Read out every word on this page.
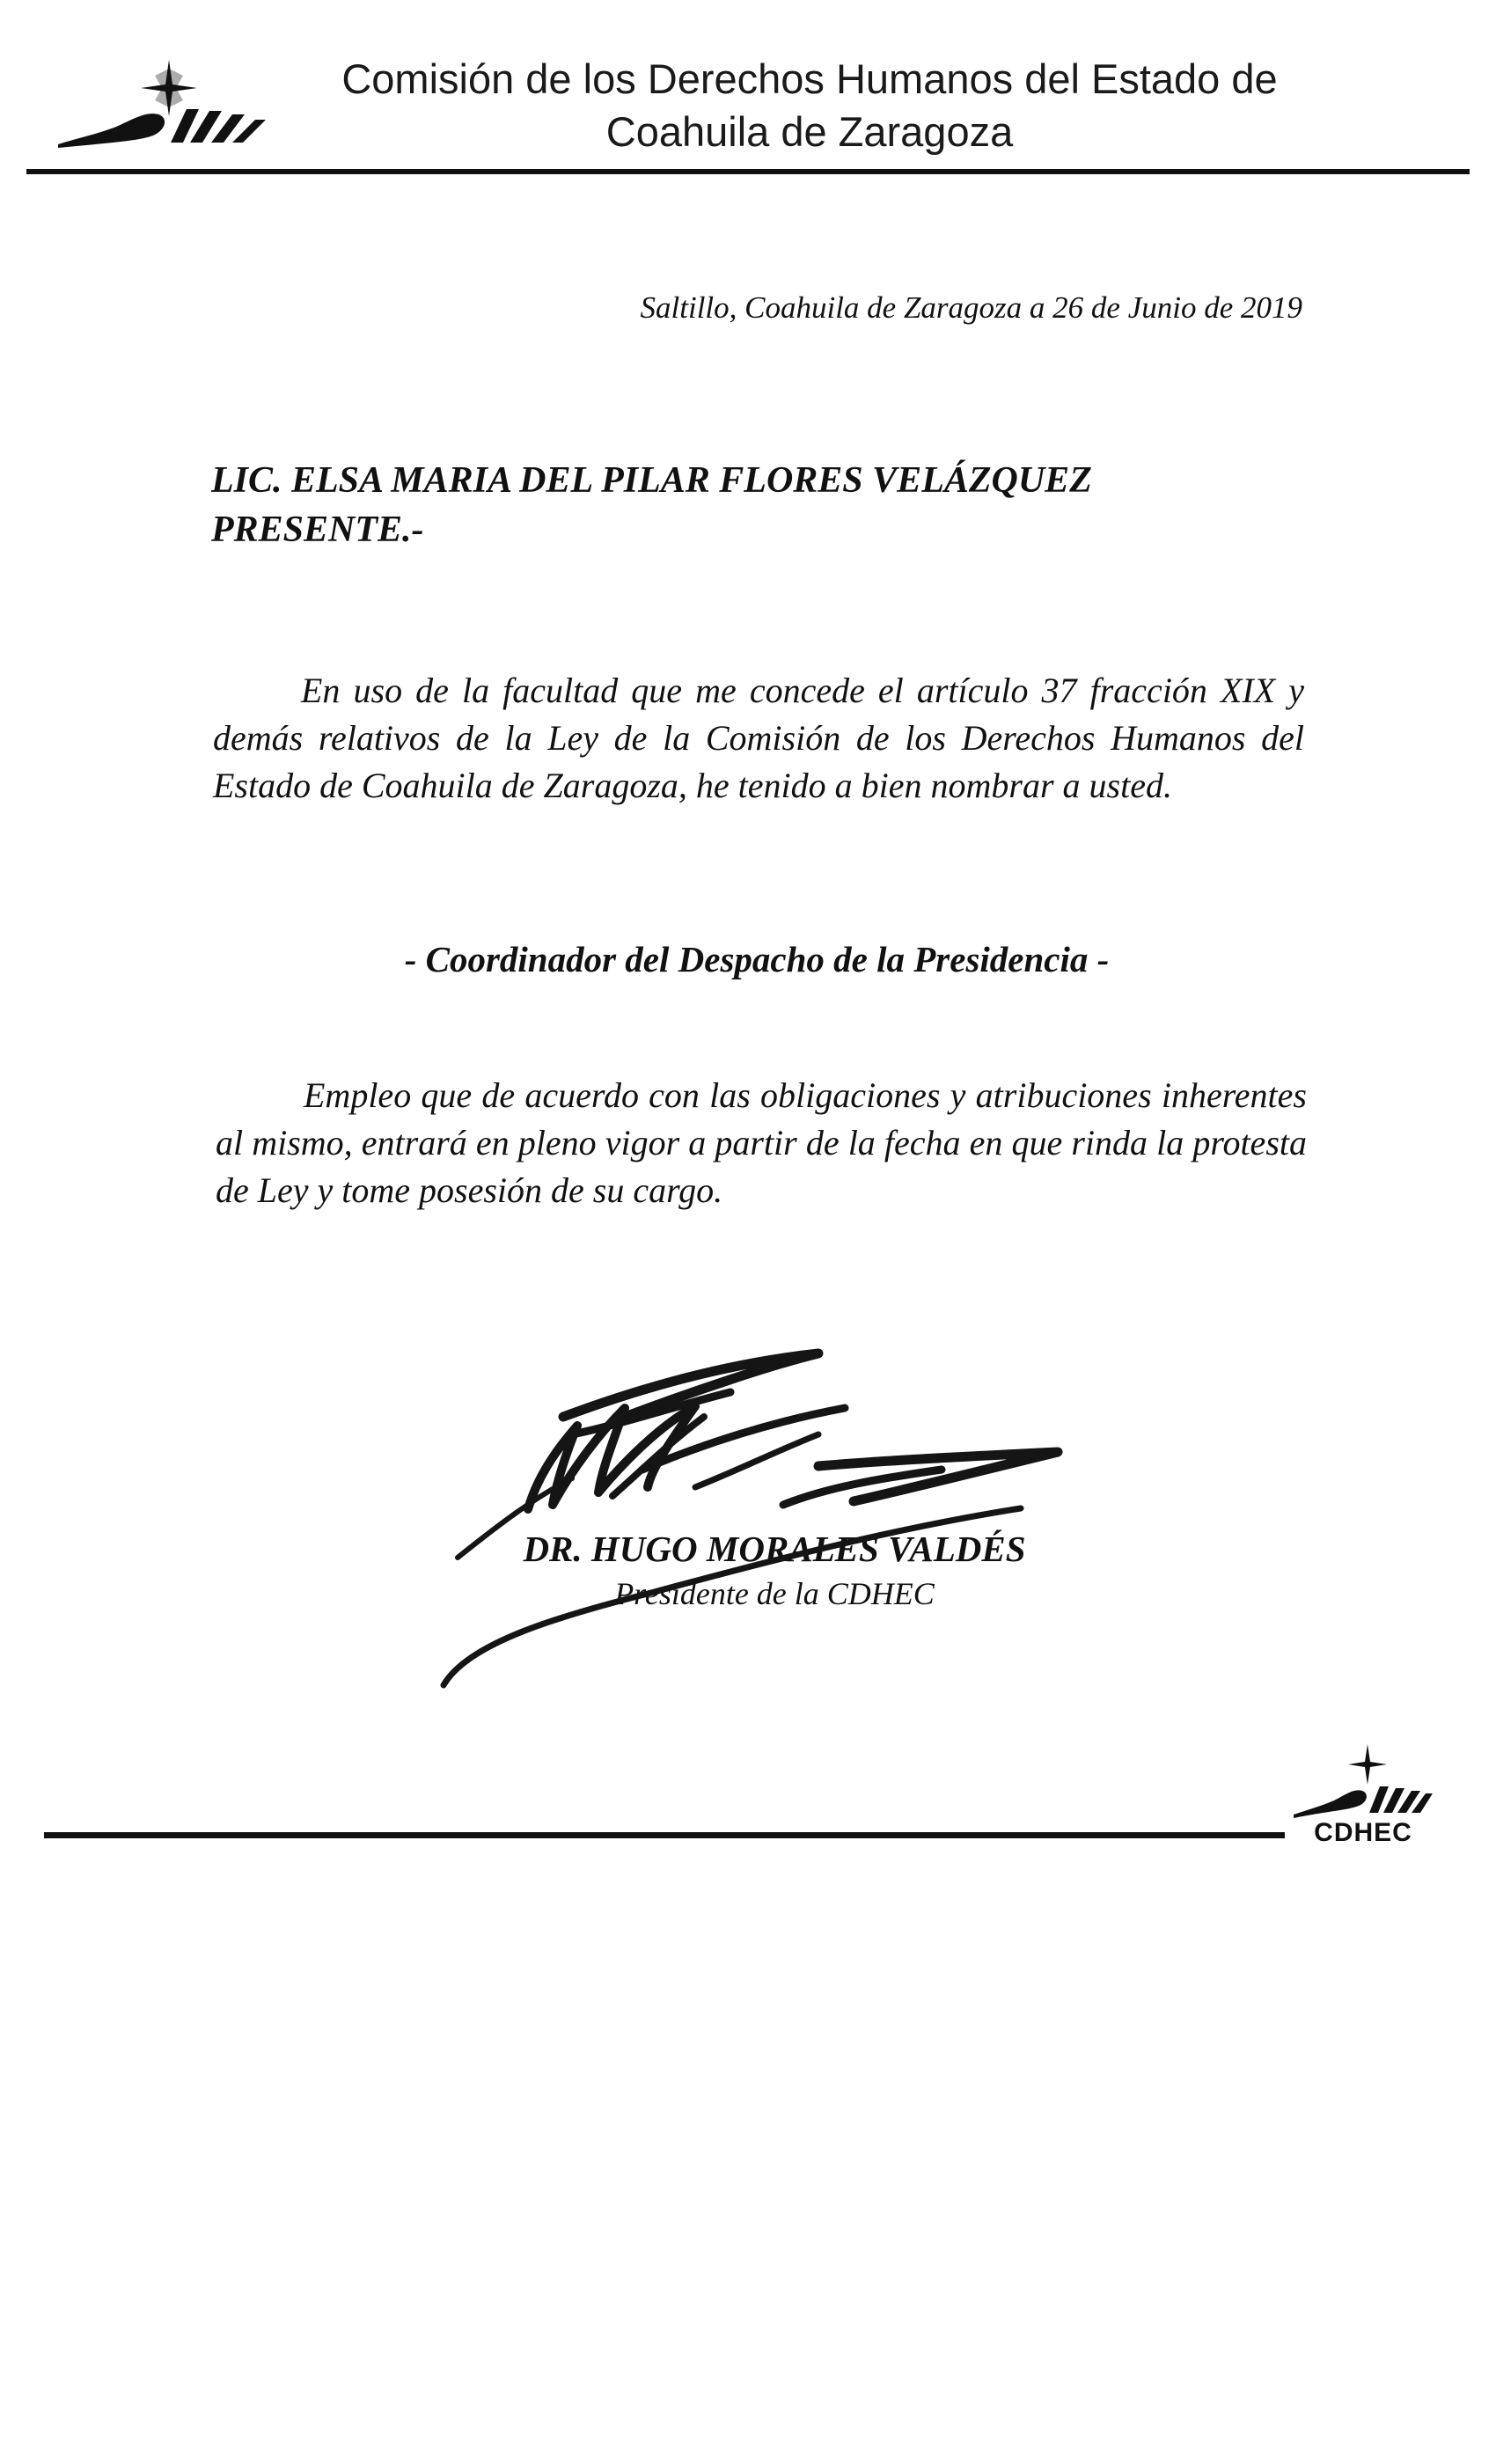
Comisión de los Derechos Humanos del Estado de
Coahuila de Zaragoza
Saltillo, Coahuila de Zaragoza a 26 de Junio de 2019
LIC. ELSA MARIA DEL PILAR FLORES VELÁZQUEZ
PRESENTE.-
En uso de la facultad que me concede el artículo 37 fracción XIX y demás relativos de la Ley de la Comisión de los Derechos Humanos del Estado de Coahuila de Zaragoza, he tenido a bien nombrar a usted.
- Coordinador del Despacho de la Presidencia -
Empleo que de acuerdo con las obligaciones y atribuciones inherentes al mismo, entrará en pleno vigor a partir de la fecha en que rinda la protesta de Ley y tome posesión de su cargo.
DR. HUGO MORALES VALDÉS
Presidente de la CDHEC
CDHEC
